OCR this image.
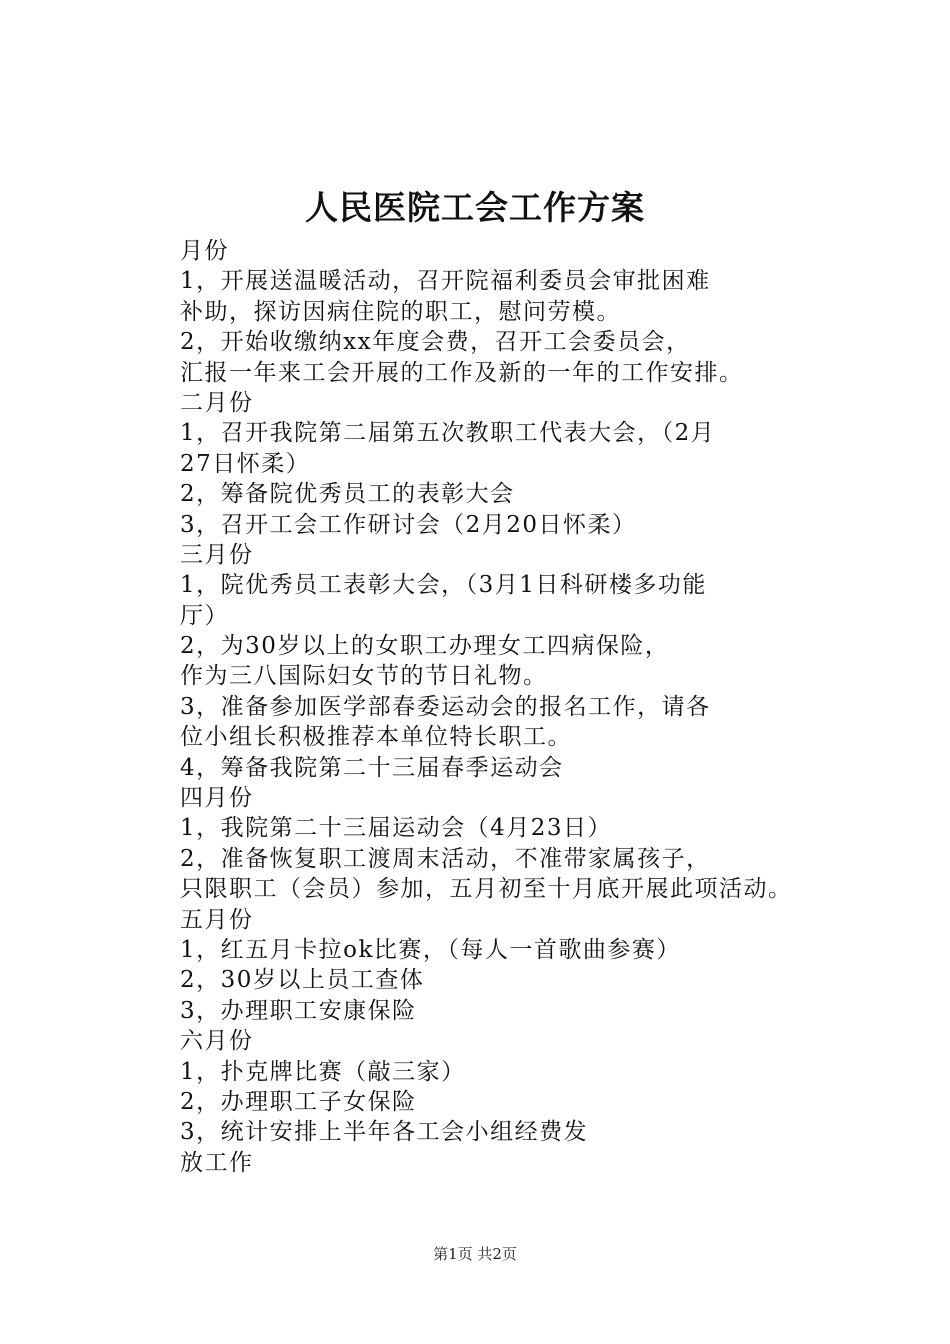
人民医院工会工作方案
月份
1，开展送温暖活动，召开院福利委员会审批困难
补助，探访因病住院的职工，慰问劳模。
2，开始收缴纳xx年度会费，召开工会委员会，
汇报一年来工会开展的工作及新的一年的工作安排。
二月份
1，召开我院第二届第五次教职工代表大会，（2月
27日怀柔）
2，筹备院优秀员工的表彰大会
3，召开工会工作研讨会（2月20日怀柔）
三月份
1，院优秀员工表彰大会，（3月1日科研楼多功能
厅）
2，为30岁以上的女职工办理女工四病保险，
作为三八国际妇女节的节日礼物。
3，准备参加医学部春委运动会的报名工作，请各
位小组长积极推荐本单位特长职工。
4，筹备我院第二十三届春季运动会
四月份
1，我院第二十三届运动会（4月23日）
2，准备恢复职工渡周末活动，不准带家属孩子，
只限职工（会员）参加，五月初至十月底开展此项活动。
五月份
1，红五月卡拉ok比赛，（每人一首歌曲参赛）
2，30岁以上员工查体
3，办理职工安康保险
六月份
1，扑克牌比赛（敲三家）
2，办理职工子女保险
3，统计安排上半年各工会小组经费发
放工作
第1页 共2页
